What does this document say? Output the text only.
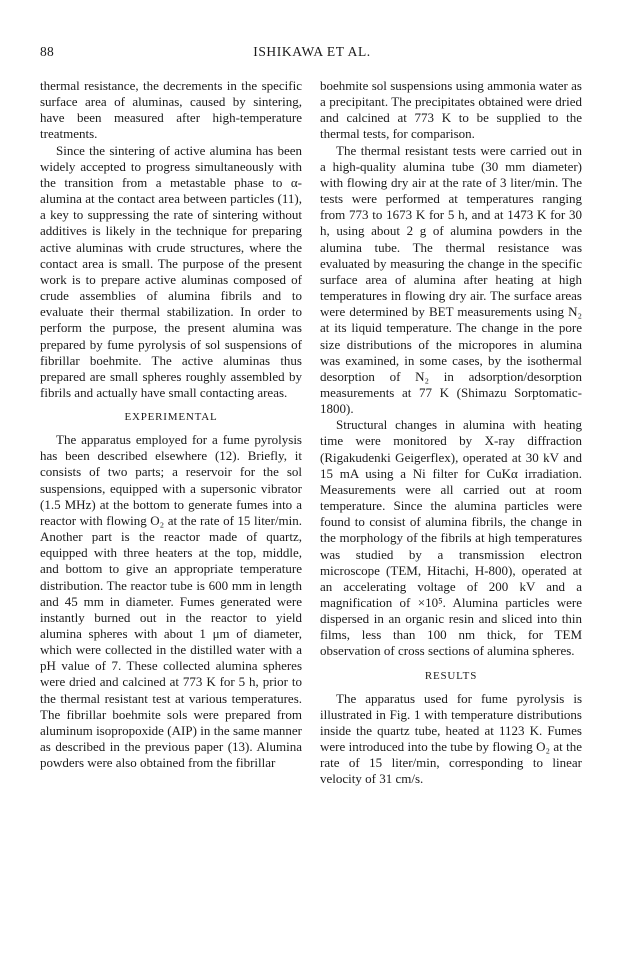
88	ISHIKAWA ET AL.

thermal resistance, the decrements in the specific surface area of aluminas, caused by sintering, have been measured after high-temperature treatments.

Since the sintering of active alumina has been widely accepted to progress simultaneously with the transition from a metastable phase to α-alumina at the contact area between particles (11), a key to suppressing the rate of sintering without additives is likely in the technique for preparing active aluminas with crude structures, where the contact area is small. The purpose of the present work is to prepare active aluminas composed of crude assemblies of alumina fibrils and to evaluate their thermal stabilization. In order to perform the purpose, the present alumina was prepared by fume pyrolysis of sol suspensions of fibrillar boehmite. The active aluminas thus prepared are small spheres roughly assembled by fibrils and actually have small contacting areas.

EXPERIMENTAL

The apparatus employed for a fume pyrolysis has been described elsewhere (12). Briefly, it consists of two parts; a reservoir for the sol suspensions, equipped with a supersonic vibrator (1.5 MHz) at the bottom to generate fumes into a reactor with flowing O₂ at the rate of 15 liter/min. Another part is the reactor made of quartz, equipped with three heaters at the top, middle, and bottom to give an appropriate temperature distribution. The reactor tube is 600 mm in length and 45 mm in diameter. Fumes generated were instantly burned out in the reactor to yield alumina spheres with about 1 μm of diameter, which were collected in the distilled water with a pH value of 7. These collected alumina spheres were dried and calcined at 773 K for 5 h, prior to the thermal resistant test at various temperatures. The fibrillar boehmite sols were prepared from aluminum isopropoxide (AIP) in the same manner as described in the previous paper (13). Alumina powders were also obtained from the fibrillar

boehmite sol suspensions using ammonia water as a precipitant. The precipitates obtained were dried and calcined at 773 K to be supplied to the thermal tests, for comparison.

The thermal resistant tests were carried out in a high-quality alumina tube (30 mm diameter) with flowing dry air at the rate of 3 liter/min. The tests were performed at temperatures ranging from 773 to 1673 K for 5 h, and at 1473 K for 30 h, using about 2 g of alumina powders in the alumina tube. The thermal resistance was evaluated by measuring the change in the specific surface area of alumina after heating at high temperatures in flowing dry air. The surface areas were determined by BET measurements using N₂ at its liquid temperature. The change in the pore size distributions of the micropores in alumina was examined, in some cases, by the isothermal desorption of N₂ in adsorption/desorption measurements at 77 K (Shimazu Sorptomatic-1800).

Structural changes in alumina with heating time were monitored by X-ray diffraction (Rigakudenki Geigerflex), operated at 30 kV and 15 mA using a Ni filter for CuKα irradiation. Measurements were all carried out at room temperature. Since the alumina particles were found to consist of alumina fibrils, the change in the morphology of the fibrils at high temperatures was studied by a transmission electron microscope (TEM, Hitachi, H-800), operated at an accelerating voltage of 200 kV and a magnification of ×10⁵. Alumina particles were dispersed in an organic resin and sliced into thin films, less than 100 nm thick, for TEM observation of cross sections of alumina spheres.

RESULTS

The apparatus used for fume pyrolysis is illustrated in Fig. 1 with temperature distributions inside the quartz tube, heated at 1123 K. Fumes were introduced into the tube by flowing O₂ at the rate of 15 liter/min, corresponding to linear velocity of 31 cm/s.
